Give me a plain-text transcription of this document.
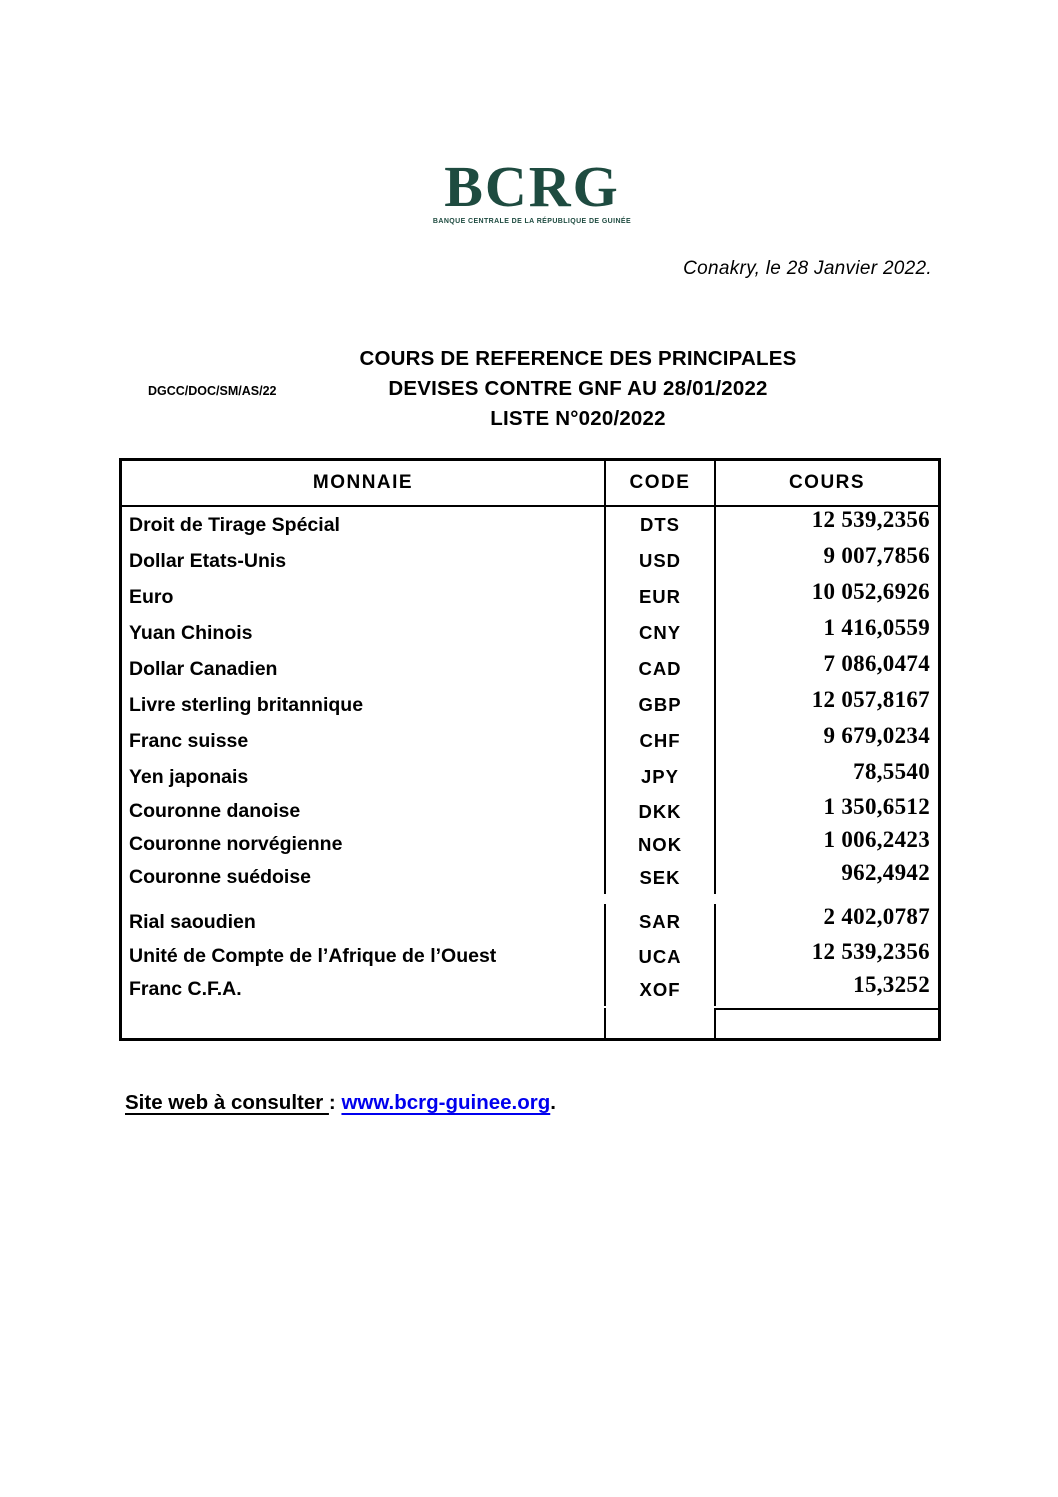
BCRG
BANQUE CENTRALE DE LA RÉPUBLIQUE DE GUINÉE
Conakry, le 28 Janvier 2022.
DGCC/DOC/SM/AS/22
COURS DE REFERENCE DES PRINCIPALES
DEVISES CONTRE GNF AU 28/01/2022
LISTE N°020/2022
MONNAIE	CODE	COURS
Droit de Tirage Spécial	DTS	12 539,2356
Dollar Etats-Unis	USD	9 007,7856
Euro	EUR	10 052,6926
Yuan Chinois	CNY	1 416,0559
Dollar Canadien	CAD	7 086,0474
Livre sterling britannique	GBP	12 057,8167
Franc suisse	CHF	9 679,0234
Yen japonais	JPY	78,5540
Couronne danoise	DKK	1 350,6512
Couronne norvégienne	NOK	1 006,2423
Couronne suédoise	SEK	962,4942
Rial saoudien	SAR	2 402,0787
Unité de Compte de l’Afrique de l’Ouest	UCA	12 539,2356
Franc C.F.A.	XOF	15,3252
Site web à consulter : www.bcrg-guinee.org.
